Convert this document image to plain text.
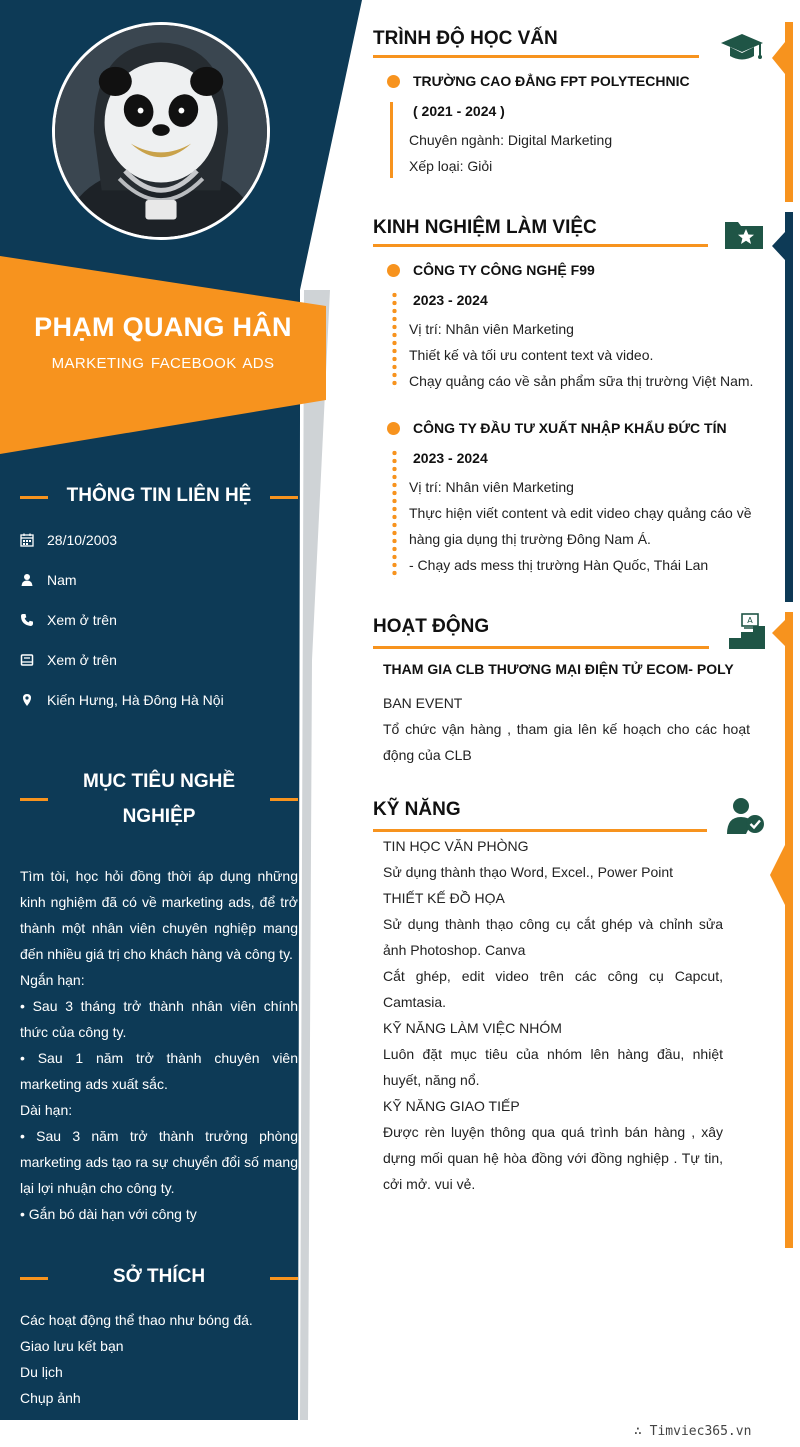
PHẠM QUANG HÂN
MARKETING FACEBOOK ADS
THÔNG TIN LIÊN HỆ
28/10/2003
Nam
Xem ở trên
Xem ở trên
Kiến Hưng, Hà Đông Hà Nội
MỤC TIÊU NGHỀ
NGHIỆP

Tìm tòi, học hỏi đồng thời áp dụng những kinh nghiệm đã có về marketing ads, để trở thành một nhân viên chuyên nghiệp mang đến nhiều giá trị cho khách hàng và công ty.

Ngắn hạn:

• Sau 3 tháng trở thành nhân viên chính thức của công ty.

• Sau 1 năm trở thành chuyên viên marketing ads xuất sắc.

Dài hạn:

• Sau 3 năm trở thành trưởng phòng marketing ads tạo ra sự chuyển đổi số mang lại lợi nhuận cho công ty.

• Gắn bó dài hạn với công ty

SỞ THÍCH
Các hoạt động thể thao như bóng đá.
Giao lưu kết bạn
Du lịch
Chụp ảnh
TRÌNH ĐỘ HỌC VẤN
TRƯỜNG CAO ĐẲNG FPT POLYTECHNIC
( 2021 - 2024 )
Chuyên ngành: Digital Marketing
Xếp loại: Giỏi
KINH NGHIỆM LÀM VIỆC
CÔNG TY CÔNG NGHỆ F99
2023 - 2024
Vị trí: Nhân viên Marketing
Thiết kế và tối ưu content text và video.
Chạy quảng cáo về sản phẩm sữa thị trường Việt Nam.
CÔNG TY ĐẦU TƯ XUẤT NHẬP KHẨU ĐỨC TÍN
2023 - 2024
Vị trí: Nhân viên Marketing
Thực hiện viết content và edit video chạy quảng cáo về
hàng gia dụng thị trường Đông Nam Á.
- Chạy ads mess thị trường Hàn Quốc, Thái Lan
HOẠT ĐỘNG	A
THAM GIA CLB THƯƠNG MẠI ĐIỆN TỬ ECOM- POLY
BAN EVENT
Tổ chức vận hàng , tham gia lên kế hoạch cho các hoạt động của CLB
KỸ NĂNG
TIN HỌC VĂN PHÒNG
Sử dụng thành thạo Word, Excel., Power Point
THIẾT KẾ ĐỒ HỌA
Sử dụng thành thạo công cụ cắt ghép và chỉnh sửa ảnh Photoshop. Canva
Cắt ghép, edit video trên các công cụ Capcut, Camtasia.
KỸ NĂNG LÀM VIỆC NHÓM
Luôn đặt mục tiêu của nhóm lên hàng đầu, nhiệt huyết, năng nổ.
KỸ NĂNG GIAO TIẾP
Được rèn luyện thông qua quá trình bán hàng , xây dựng mối quan hệ hòa đồng với đồng nghiệp . Tự tin, cởi mở. vui vẻ.
∴ Timviec365.vn
